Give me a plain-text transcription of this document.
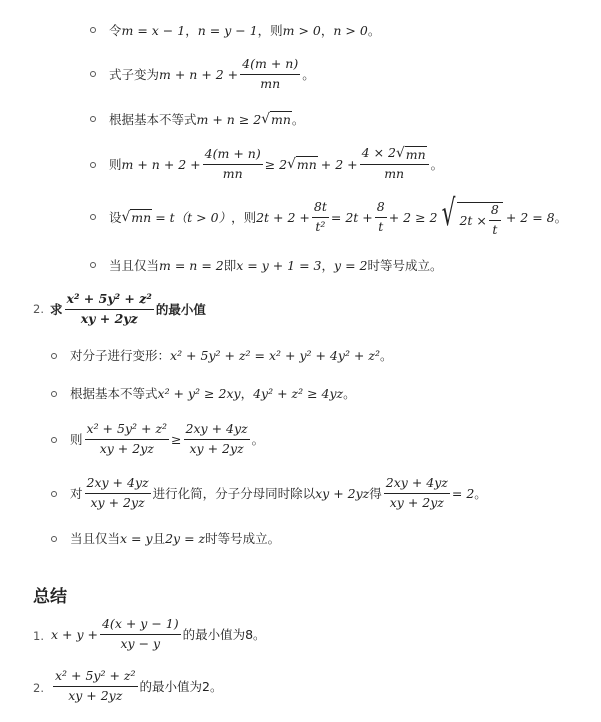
令 m = x − 1 ， n = y − 1 ，则 m > 0 ， n > 0 。
式子变为 $m + n + 2 + \frac{4(m + n)}{mn}$ 。
根据基本不等式 m + n ≥ 2 √ mn 。
则 $m + n + 2 + \frac{4(m + n)}{mn} \ge 2$ √ mn + $2 + \frac{4 \times 2 √ mn}{mn}$ 。
设 √ mn = t （t > 0） ，则 $2t + 2 + \frac{8t}{\text{t²}} = 2t + \frac{8}{t} + 2 \ge 2$ √ $2t \times \frac{8}{t} + 2 = 8$ 。
当且仅当 m = n = 2 即 x = y + 1 = 3 ， y = 2 时等号成立。
2. 求 $\frac{\text{x² + 5y² + z²}}{xy + 2yz}$ 的最小值
对分子进行变形： x² + 5y² + z² = x² + y² + 4y² + z² 。
根据基本不等式 x² + y² ≥ 2xy ， 4y² + z² ≥ 4yz 。
则 $\frac{\text{x² + 5y² + z²}}{xy + 2yz} \ge \frac{2xy + 4yz}{xy + 2yz}$ 。
对 $\frac{2xy + 4yz}{xy + 2yz}$ 进行化简，分子分母同时除以 xy + 2yz 得 $\frac{2xy + 4yz}{xy + 2yz} = 2$ 。
当且仅当 x = y 且 2y = z 时等号成立。
总结
1. $x + y + \frac{4(x + y - 1)}{xy - y}$ 的最小值为8。
2. $\frac{\text{x² + 5y² + z²}}{xy + 2yz}$ 的最小值为2。
